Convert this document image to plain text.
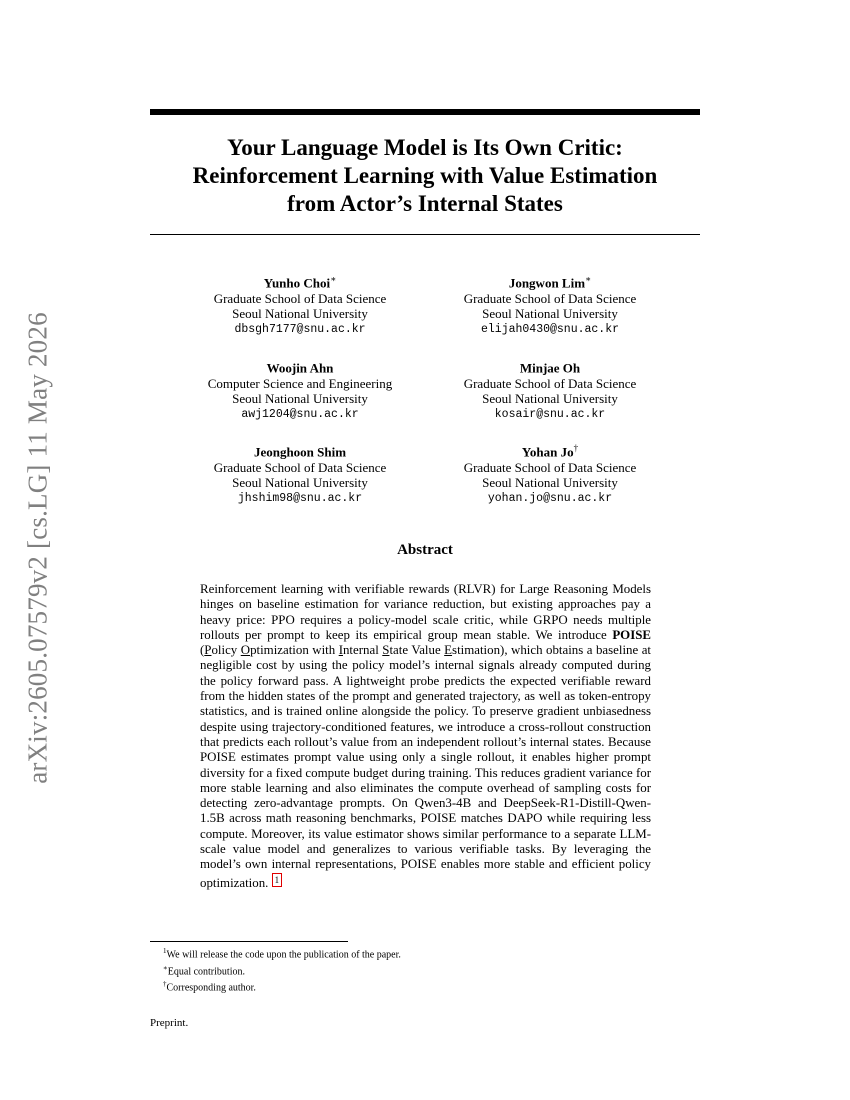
arXiv:2605.07579v2 [cs.LG] 11 May 2026
Your Language Model is Its Own Critic:
Reinforcement Learning with Value Estimation
from Actor’s Internal States
Yunho Choi∗
Graduate School of Data Science
Seoul National University
dbsgh7177@snu.ac.kr
Jongwon Lim∗
Graduate School of Data Science
Seoul National University
elijah0430@snu.ac.kr
Woojin Ahn
Computer Science and Engineering
Seoul National University
awj1204@snu.ac.kr
Minjae Oh
Graduate School of Data Science
Seoul National University
kosair@snu.ac.kr
Jeonghoon Shim
Graduate School of Data Science
Seoul National University
jhshim98@snu.ac.kr
Yohan Jo†
Graduate School of Data Science
Seoul National University
yohan.jo@snu.ac.kr
Abstract
Reinforcement learning with verifiable rewards (RLVR) for Large Reasoning Models hinges on baseline estimation for variance reduction, but existing approaches pay a heavy price: PPO requires a policy-model scale critic, while GRPO needs multiple rollouts per prompt to keep its empirical group mean stable. We introduce POISE (Policy Optimization with Internal State Value Estimation), which obtains a baseline at negligible cost by using the policy model’s internal signals already computed during the policy forward pass. A lightweight probe predicts the expected verifiable reward from the hidden states of the prompt and generated trajectory, as well as token-entropy statistics, and is trained online alongside the policy. To preserve gradient unbiasedness despite using trajectory-conditioned features, we introduce a cross-rollout construction that predicts each rollout’s value from an independent rollout’s internal states. Because POISE estimates prompt value using only a single rollout, it enables higher prompt diversity for a fixed compute budget during training. This reduces gradient variance for more stable learning and also eliminates the compute overhead of sampling costs for detecting zero-advantage prompts. On Qwen3-4B and DeepSeek-R1-Distill-Qwen-1.5B across math reasoning benchmarks, POISE matches DAPO while requiring less compute. Moreover, its value estimator shows similar performance to a separate LLM-scale value model and generalizes to various verifiable tasks. By leveraging the model’s own internal representations, POISE enables more stable and efficient policy optimization. 1
$^1$We will release the code upon the publication of the paper.
∗Equal contribution.
†Corresponding author.
Preprint.
